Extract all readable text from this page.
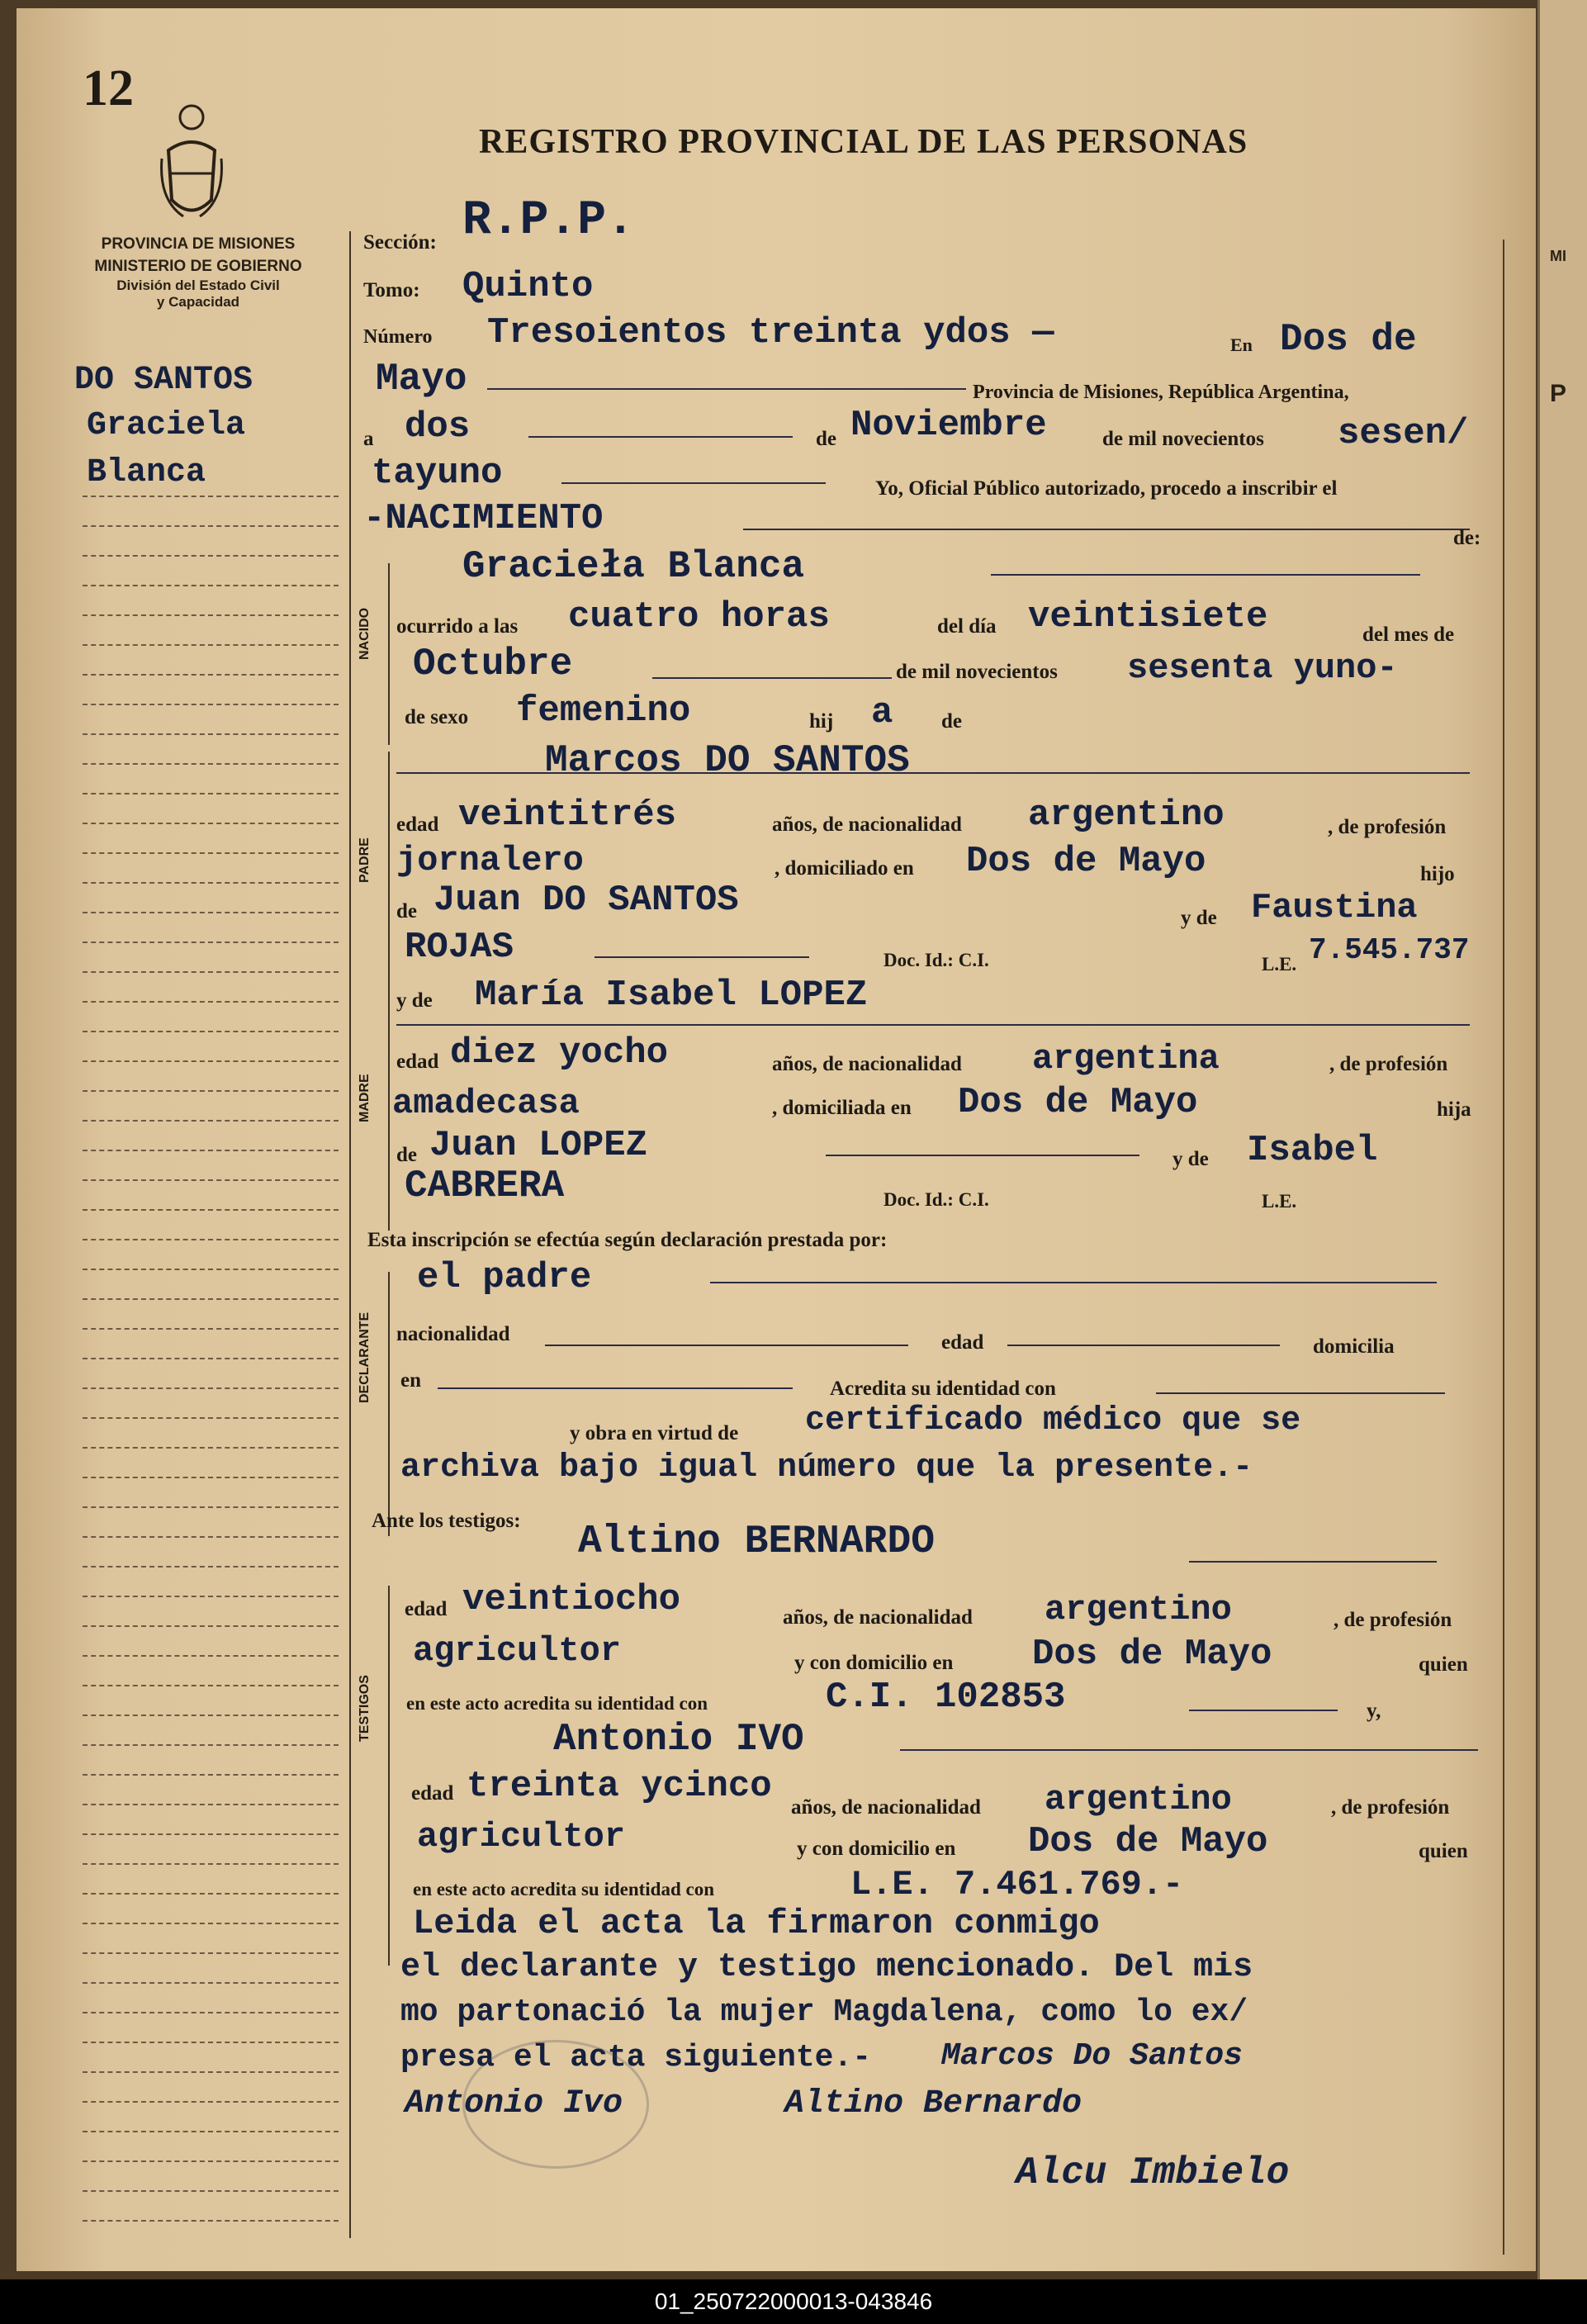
MI
P
12
REGISTRO PROVINCIAL DE LAS PERSONAS
PROVINCIA DE MISIONES
MINISTERIO DE GOBIERNO
División del Estado Civil
y Capacidad
DO SANTOS
Graciela
Blanca
Sección: R.P.P.
Tomo: Quinto
Número Tresoientos treinta ydos —	En Dos de
Mayo	Provincia de Misiones, República Argentina,
a dos	de Noviembre	de mil novecientos sesen/
tayuno	Yo, Oficial Público autorizado, procedo a inscribir el
-NACIMIENTO	de:
NACIDO
Gracieła Blanca
ocurrido a las cuatro horas	del día veintisiete	del mes de
Octubre	de mil novecientos sesenta yuno-
de sexo femenino	hij a de
PADRE
Marcos DO SANTOS
edad veintitrés	años, de nacionalidad argentino	, de profesión
jornalero	, domiciliado en Dos de Mayo	hijo
de Juan DO SANTOS	y de Faustina
ROJAS	Doc. Id.: C.I.	L.E. 7.545.737
MADRE
y de María Isabel LOPEZ
edad diez yocho	años, de nacionalidad argentina	, de profesión
amadecasa	, domiciliada en Dos de Mayo	hija
de Juan LOPEZ	y de Isabel
CABRERA	Doc. Id.: C.I.	L.E.
Esta inscripción se efectúa según declaración prestada por:
el padre
nacionalidad	edad	domicilia
en	Acredita su identidad con
y obra en virtud de certificado médico que se
archiva bajo igual número que la presente.-
Ante los testigos:
TESTIGOS
Altino BERNARDO
edad veintiocho	años, de nacionalidad argentino	, de profesión
agricultor	y con domicilio en Dos de Mayo	quien
en este acto acredita su identidad con	C.I. 102853	y,
Antonio IVO
edad treinta ycinco
años, de nacionalidad argentino	, de profesión
agricultor	y con domicilio en Dos de Mayo	quien
en este acto acredita su identidad con	L.E. 7.461.769.-
Leida el acta la firmaron conmigo
el declarante y testigo mencionado. Del mis
mo partonació la mujer Magdalena, como lo ex/
presa el acta siguiente.- Marcos Do Santos
Antonio Ivo	Altino Bernardo
Alcu Imbielo
01_250722000013-043846
